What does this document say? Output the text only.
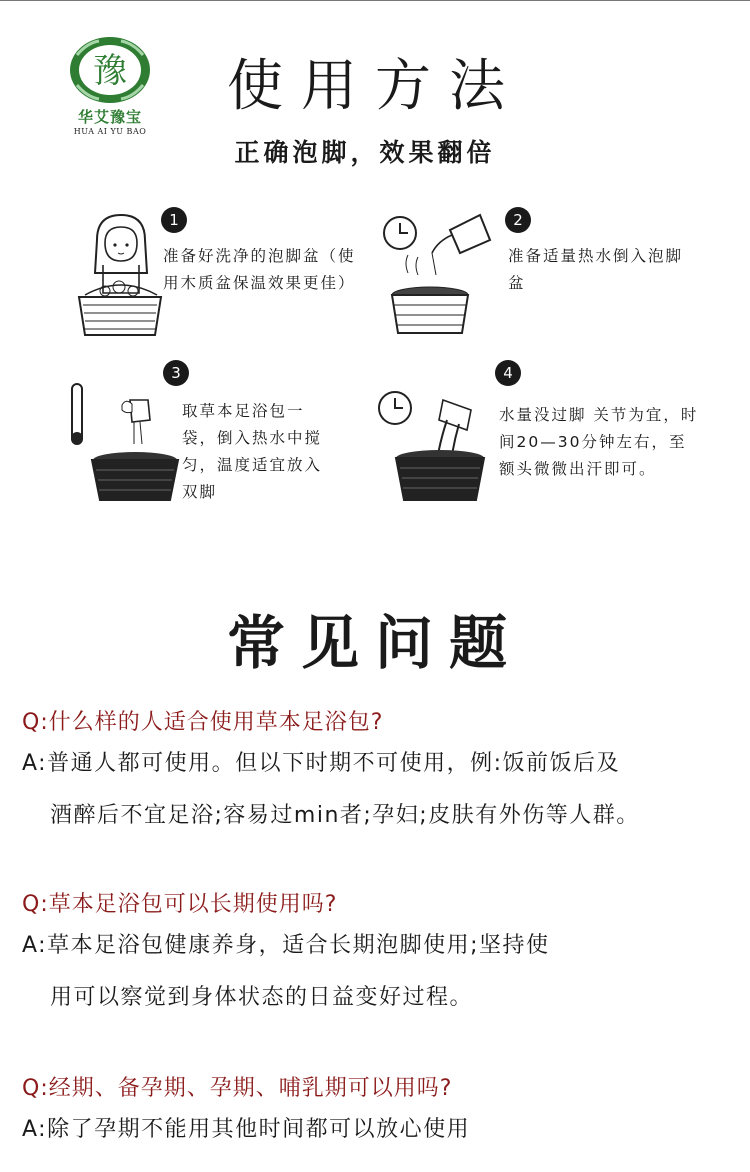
豫
华艾豫宝
HUA AI YU BAO
使用方法
正确泡脚，效果翻倍
1
准备好洗净的泡脚盆（使用木质盆保温效果更佳）
2
准备适量热水倒入泡脚盆
3
取草本足浴包一袋，倒入热水中搅匀，温度适宜放入双脚
4
水量没过脚 关节为宜，时间20—30分钟左右，至额头微微出汗即可。
常见问题
Q:什么样的人适合使用草本足浴包?
A:普通人都可使用。但以下时期不可使用，例:饭前饭后及
酒醉后不宜足浴;容易过min者;孕妇;皮肤有外伤等人群。
Q:草本足浴包可以长期使用吗?
A:草本足浴包健康养身，适合长期泡脚使用;坚持使
用可以察觉到身体状态的日益变好过程。
Q:经期、备孕期、孕期、哺乳期可以用吗?
A:除了孕期不能用其他时间都可以放心使用
